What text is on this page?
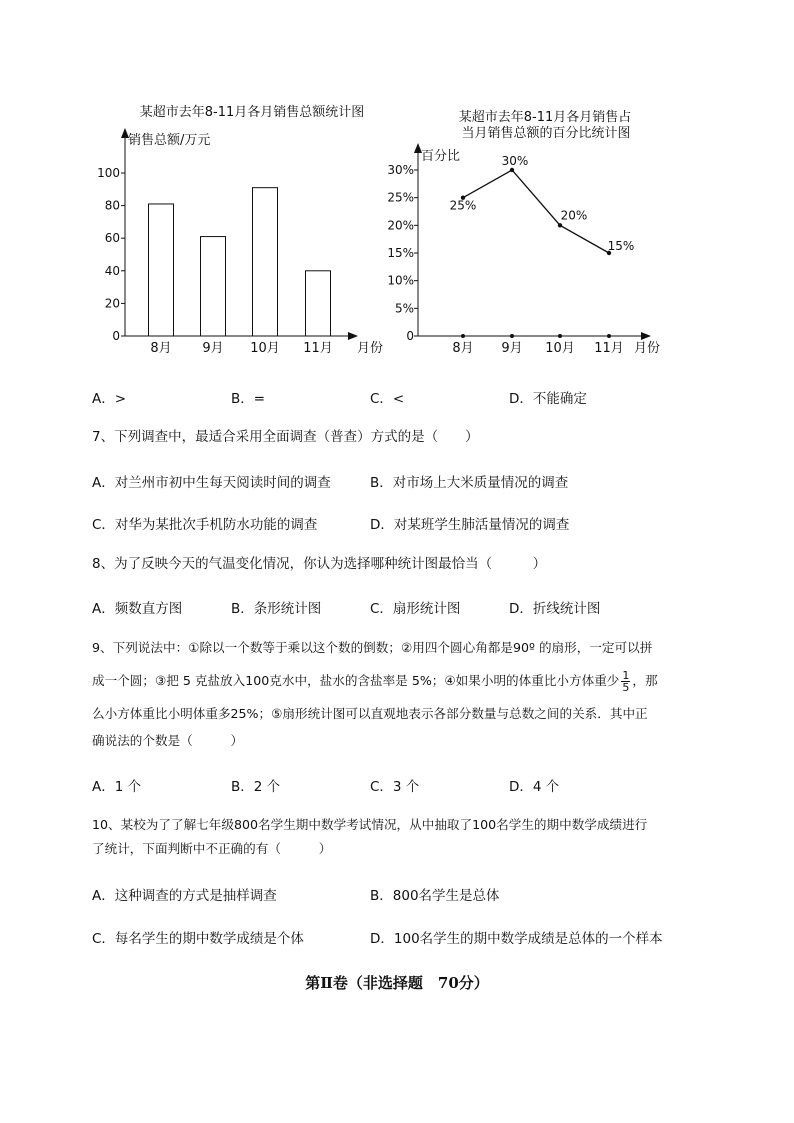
某超市去年8-11月各月销售总额统计图
销售总额/万元
月份
0
20
40
60
80
100
8月 9月 10月 11月
某超市去年8-11月各月销售占
当月销售总额的百分比统计图
百分比
月份
0
5%
10%
15%
20%
25%
30%
25%
30%
20%
15%
8月 9月 10月 11月
A．>	B．=	C．<	D．不能确定
7、下列调查中，最适合采用全面调查（普查）方式的是（　　）
A．对兰州市初中生每天阅读时间的调查	B．对市场上大米质量情况的调查
C．对华为某批次手机防水功能的调查	D．对某班学生肺活量情况的调查
8、为了反映今天的气温变化情况，你认为选择哪种统计图最恰当（　　　）
A．频数直方图	B．条形统计图	C．扇形统计图	D．折线统计图
9、下列说法中：①除以一个数等于乘以这个数的倒数；②用四个圆心角都是90º 的扇形，一定可以拼
成一个圆；③把 5 克盐放入100克水中，盐水的含盐率是 5%；④如果小明的体重比小方体重少 $\frac{1}{5}$ ，那
么小方体重比小明体重多25%；⑤扇形统计图可以直观地表示各部分数量与总数之间的关系．其中正
确说法的个数是（　　　）
A．1 个	B．2 个	C．3 个	D．4 个
10、某校为了了解七年级800名学生期中数学考试情况，从中抽取了100名学生的期中数学成绩进行
了统计，下面判断中不正确的有（　　　）
A．这种调查的方式是抽样调查	B．800名学生是总体
C．每名学生的期中数学成绩是个体	D．100名学生的期中数学成绩是总体的一个样本
第Ⅱ卷（非选择题　70分）
